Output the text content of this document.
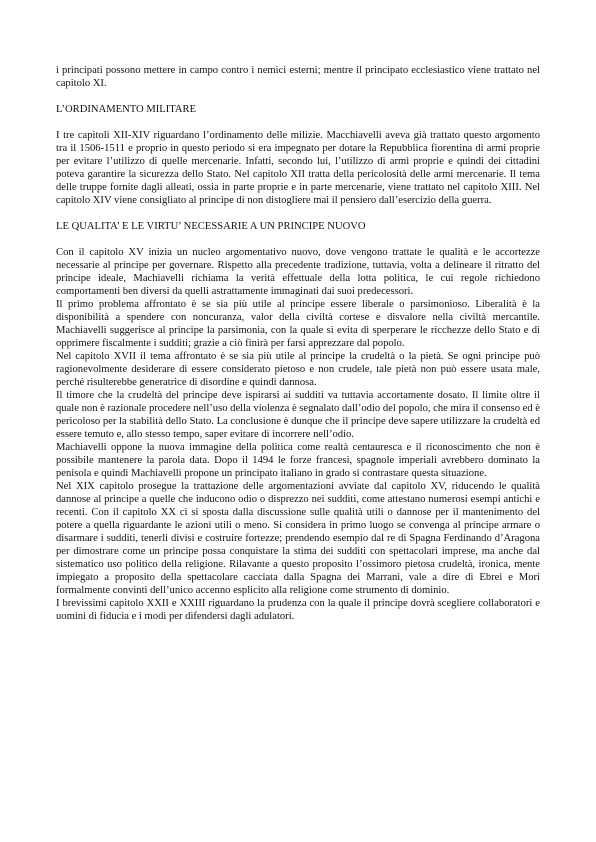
i principati possono mettere in campo contro i nemici esterni; mentre il principato ecclesiastico viene trattato nel capitolo XI.

L’ORDINAMENTO MILITARE

I tre capitoli XII-XIV riguardano l’ordinamento delle milizie. Macchiavelli aveva già trattato questo argomento tra il 1506-1511 e proprio in questo periodo si era impegnato per dotare la Repubblica fiorentina di armi proprie per evitare l’utilizzo di quelle mercenarie. Infatti, secondo lui, l’utilizzo di armi proprie e quindi dei cittadini poteva garantire la sicurezza dello Stato. Nel capitolo XII tratta della pericolosità delle armi mercenarie. Il tema delle truppe fornite dagli alleati, ossia in parte proprie e in parte mercenarie, viene trattato nel capitolo XIII. Nel capitolo XIV viene consigliato al principe di non distogliere mai il pensiero dall’esercizio della guerra.

LE QUALITA’ E LE VIRTU’ NECESSARIE A UN PRINCIPE NUOVO

Con il capitolo XV inizia un nucleo argomentativo nuovo, dove vengono trattate le qualità e le accortezze necessarie al principe per governare. Rispetto alla precedente tradizione, tuttavia, volta a delineare il ritratto del principe ideale, Machiavelli richiama la verità effettuale della lotta politica, le cui regole richiedono comportamenti ben diversi da quelli astrattamente immaginati dai suoi predecessori.

Il primo problema affrontato è se sia più utile al principe essere liberale o parsimonioso. Liberalità è la disponibilità a spendere con noncuranza, valor della civiltà cortese e disvalore nella civiltà mercantile. Machiavelli suggerisce al principe la parsimonia, con la quale si evita di sperperare le ricchezze dello Stato e di opprimere fiscalmente i sudditi; grazie a ciò finirà per farsi apprezzare dal popolo.

Nel capitolo XVII il tema affrontato è se sia più utile al principe la crudeltà o la pietà. Se ogni principe può ragionevolmente desiderare di essere considerato pietoso e non crudele, tale pietà non può essere usata male, perché risulterebbe generatrice di disordine e quindi dannosa.

Il timore che la crudeltà del principe deve ispirarsi ai sudditi va tuttavia accortamente dosato. Il limite oltre il quale non è razionale procedere nell’uso della violenza è segnalato dall’odio del popolo, che mira il consenso ed è pericoloso per la stabilità dello Stato. La conclusione è dunque che il principe deve sapere utilizzare la crudeltà ed essere temuto e, allo stesso tempo, saper evitare di incorrere nell’odio.

Machiavelli oppone la nuova immagine della politica come realtà centaurescа e il riconoscimento che non è possibile mantenere la parola data. Dopo il 1494 le forze francesi, spagnole imperiali avrebbero dominato la penisola e quindi Machiavelli propone un principato italiano in grado si contrastare questa situazione.

Nel XIX capitolo prosegue la trattazione delle argomentazioni avviate dal capitolo XV, riducendo le qualità dannose al principe a quelle che inducono odio o disprezzo nei sudditi, come attestano numerosi esempi antichi e recenti. Con il capitolo XX ci si sposta dalla discussione sulle qualità utili o dannose per il mantenimento del potere a quella riguardante le azioni utili o meno. Si considera in primo luogo se convenga al principe armare o disarmare i sudditi, tenerli divisi e costruire fortezze; prendendo esempio dal re di Spagna Ferdinando d’Aragona per dimostrare come un principe possa conquistare la stima dei sudditi con spettacolari imprese, ma anche dal sistematico uso politico della religione. Rilavante a questo proposito l’ossimoro pietosa crudeltà, ironica, mente impiegato a proposito della spettacolare cacciata dalla Spagna dei Marrani, vale a dire di Ebrei e Mori formalmente convinti dell’unico accenno esplicito alla religione come strumento di dominio.

I brevissimi capitolo XXII e XXIII riguardano la prudenza con la quale il principe dovrà scegliere collaboratori e uomini di fiducia e i modi per difendersi dagli adulatori.
